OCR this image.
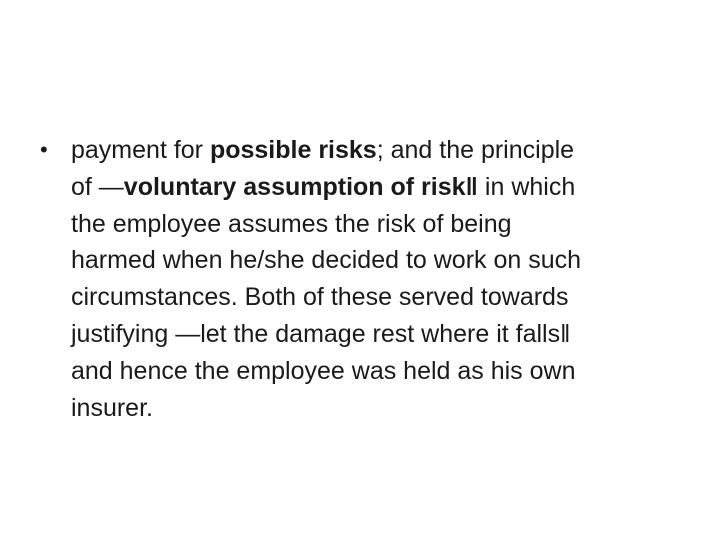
• payment for possible risks; and the principle
of ―voluntary assumption of risk‖ in which
the employee assumes the risk of being
harmed when he/she decided to work on such
circumstances. Both of these served towards
justifying ―let the damage rest where it falls‖
and hence the employee was held as his own
insurer.
